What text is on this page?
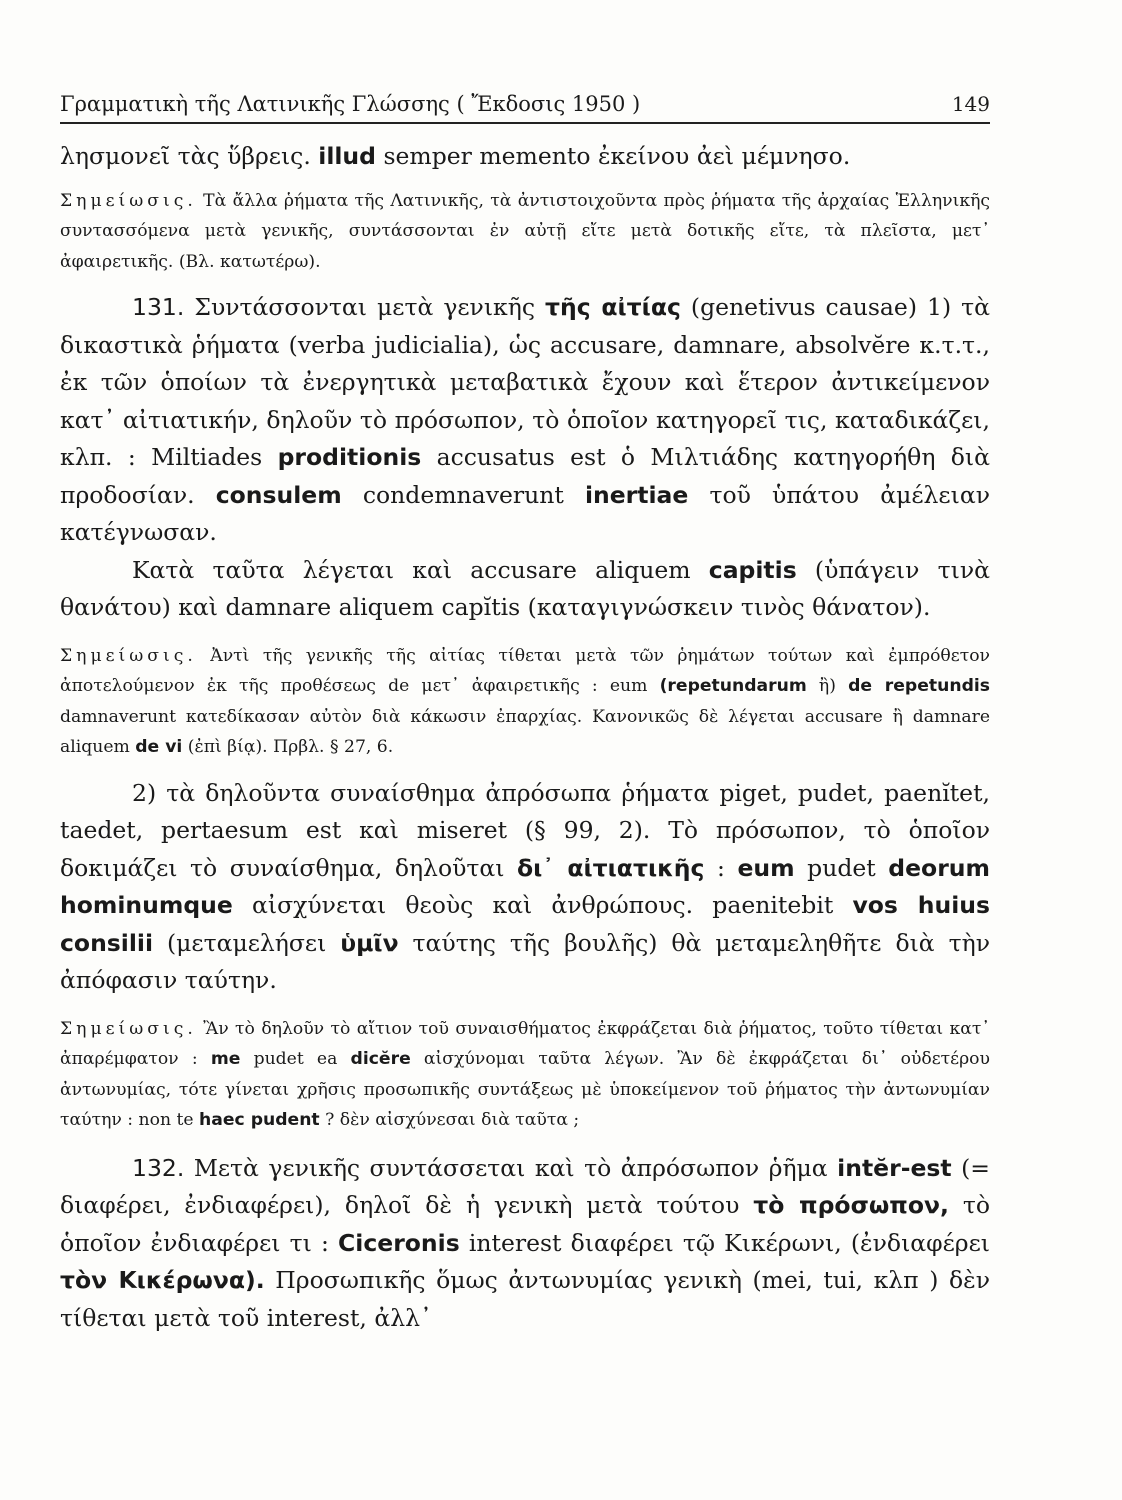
Γραμματικὴ τῆς Λατινικῆς Γλώσσης ( Ἔκδοσις 1950 )	149

λησμονεῖ τὰς ὕβρεις. illud semper memento ἐκείνου ἀεὶ μέμνησο.

Σημείωσις. Τὰ ἄλλα ῥήματα τῆς Λατινικῆς, τὰ ἀντιστοιχοῦντα πρὸς ῥήματα τῆς ἀρχαίας Ἑλληνικῆς συντασσόμενα μετὰ γενικῆς, συντάσσονται ἐν αὐτῇ εἴτε μετὰ δοτικῆς εἴτε, τὰ πλεῖστα, μετ᾽ ἀφαιρετικῆς. (Βλ. κατωτέρω).

131. Συντάσσονται μετὰ γενικῆς τῆς αἰτίας (genetivus causae) 1) τὰ δικαστικὰ ῥήματα (verba judicialia), ὡς accusare, damnare, absolvĕre κ.τ.τ., ἐκ τῶν ὁποίων τὰ ἐνεργητικὰ μεταβατικὰ ἔχουν καὶ ἕτερον ἀντικείμενον κατ᾽ αἰτιατικήν, δηλοῦν τὸ πρόσωπον, τὸ ὁποῖον κατηγορεῖ τις, καταδικάζει, κλπ. : Miltiades proditionis accusatus est ὁ Μιλτιάδης κατηγορήθη διὰ προδοσίαν. consulem condemnaverunt inertiae τοῦ ὑπάτου ἀμέλειαν κατέγνωσαν.

Κατὰ ταῦτα λέγεται καὶ accusare aliquem capitis (ὑπάγειν τινὰ θανάτου) καὶ damnare aliquem capĭtis (καταγιγνώσκειν τινὸς θάνατον).

Σημείωσις. Ἀντὶ τῆς γενικῆς τῆς αἰτίας τίθεται μετὰ τῶν ῥημάτων τούτων καὶ ἐμπρόθετον ἀποτελούμενον ἐκ τῆς προθέσεως de μετ᾽ ἀφαιρετικῆς : eum (repetundarum ἢ) de repetundis damnaverunt κατεδίκασαν αὐτὸν διὰ κάκωσιν ἐπαρχίας. Κανονικῶς δὲ λέγεται accusare ἢ damnare aliquem de vi (ἐπὶ βίᾳ). Πρβλ. § 27, 6.

2) τὰ δηλοῦντα συναίσθημα ἀπρόσωπα ῥήματα piget, pudet, paenĭtet, taedet, pertaesum est καὶ miseret (§ 99, 2). Τὸ πρόσωπον, τὸ ὁποῖον δοκιμάζει τὸ συναίσθημα, δηλοῦται δι᾽ αἰτιατικῆς : eum pudet deorum hominumque αἰσχύνεται θεοὺς καὶ ἀνθρώπους. paenitebit vos huius consilii (μεταμελήσει ὑμῖν ταύτης τῆς βουλῆς) θὰ μεταμεληθῆτε διὰ τὴν ἀπόφασιν ταύτην.

Σημείωσις. Ἂν τὸ δηλοῦν τὸ αἴτιον τοῦ συναισθήματος ἐκφράζεται διὰ ῥήματος, τοῦτο τίθεται κατ᾽ ἀπαρέμφατον : me pudet ea dicĕre αἰσχύνομαι ταῦτα λέγων. Ἂν δὲ ἐκφράζεται δι᾽ οὐδετέρου ἀντωνυμίας, τότε γίνεται χρῆσις προσωπικῆς συντάξεως μὲ ὑποκείμενον τοῦ ῥήματος τὴν ἀντωνυμίαν ταύτην : non te haec pudent ? δὲν αἰσχύνεσαι διὰ ταῦτα ;

132. Μετὰ γενικῆς συντάσσεται καὶ τὸ ἀπρόσωπον ῥῆμα intĕr-est (= διαφέρει, ἐνδιαφέρει), δηλοῖ δὲ ἡ γενικὴ μετὰ τούτου τὸ πρόσωπον, τὸ ὁποῖον ἐνδιαφέρει τι : Ciceronis interest διαφέρει τῷ Κικέρωνι, (ἐνδιαφέρει τὸν Κικέρωνα). Προσωπικῆς ὅμως ἀντωνυμίας γενικὴ (mei, tui, κλπ ) δὲν τίθεται μετὰ τοῦ interest, ἀλλ᾽
